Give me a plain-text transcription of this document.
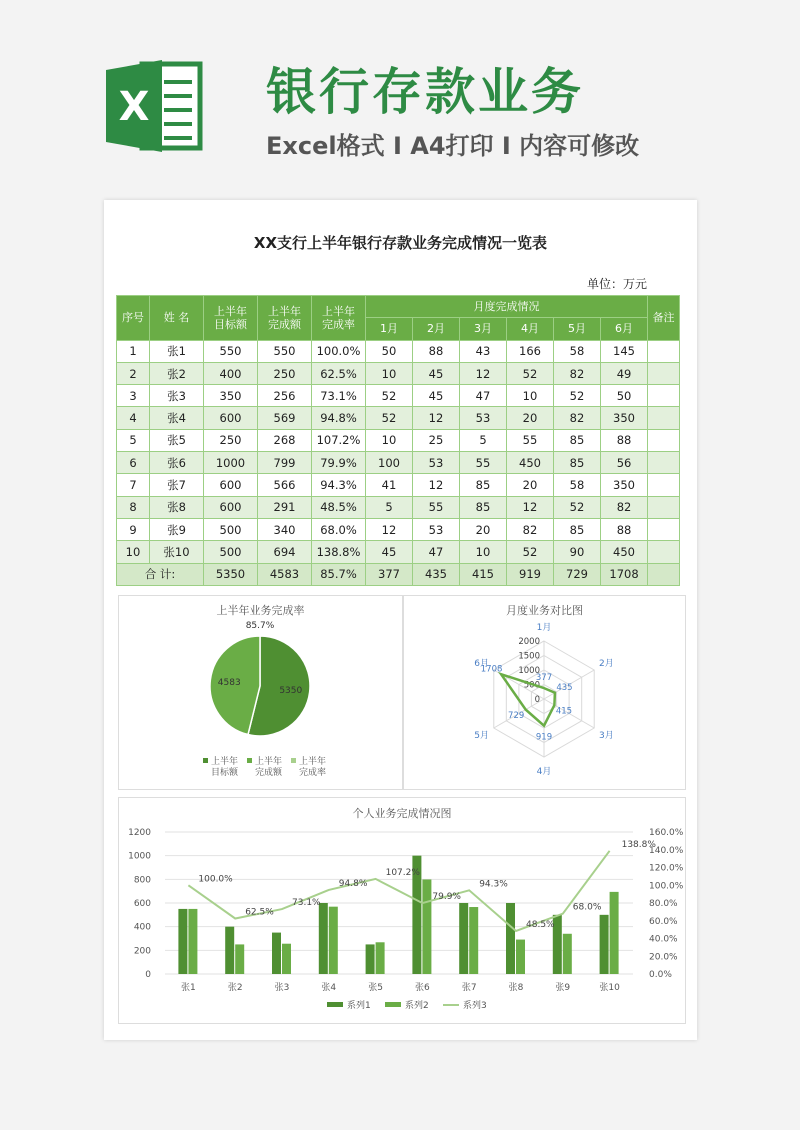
X 银行存款业务
Excel格式 I A4打印 I 内容可修改
XX支行上半年银行存款业务完成情况一览表
单位：万元
序号	姓 名	上半年目标额	上半年完成额	上半年完成率	月度完成情况						备注
					1月	2月	3月	4月	5月	6月	
1	张1	550	550	100.0%	50	88	43	166	58	145	
2	张2	400	250	62.5%	10	45	12	52	82	49	
3	张3	350	256	73.1%	52	45	47	10	52	50	
4	张4	600	569	94.8%	52	12	53	20	82	350	
5	张5	250	268	107.2%	10	25	5	55	85	88	
6	张6	1000	799	79.9%	100	53	55	450	85	56	
7	张7	600	566	94.3%	41	12	85	20	58	350	
8	张8	600	291	48.5%	5	55	85	12	52	82	
9	张9	500	340	68.0%	12	53	20	82	85	88	
10	张10	500	694	138.8%	45	47	10	52	90	450	
合 计:		5350	4583	85.7%	377	435	415	919	729	1708	
上半年业务完成率
5350
4583
85.7%
上半年
目标额
上半年
完成额
上半年
完成率
月度业务对比图
1月
2月
3月
4月
5月
6月
0
500
1000
1500
2000
377
435
415
919
729
1708
个人业务完成情况图
0
200
400
600
800
1000
1200
0.0%
20.0%
40.0%
60.0%
80.0%
100.0%
120.0%
140.0%
160.0%
张1	张2	张3	张4	张5	张6	张7	张8	张9	张10
100.0%
62.5%
73.1%
94.8%
107.2%
79.9%
94.3%
48.5%
68.0%
138.8%
系列1	系列2	系列3
